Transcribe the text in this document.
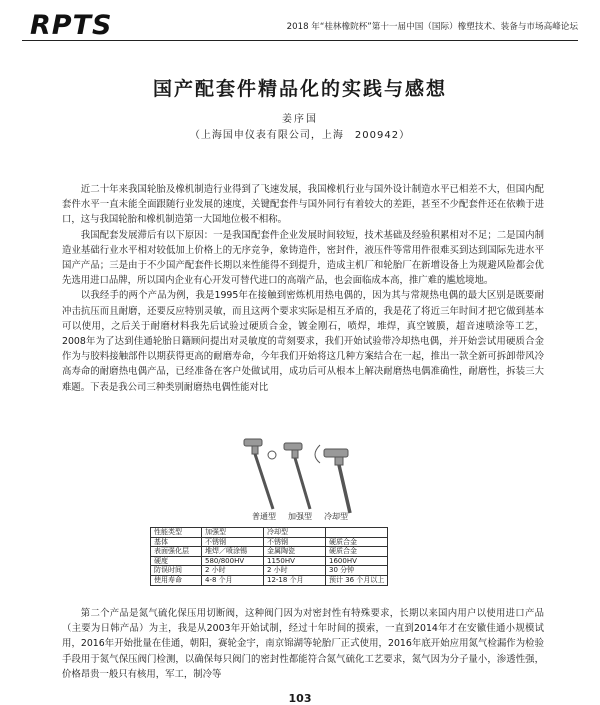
RPTS	2018 年“桂林橡院杯”第十一届中国（国际）橡塑技术、装备与市场高峰论坛
国产配套件精品化的实践与感想
姜序国
（上海国申仪表有限公司，上海　200942）

近二十年来我国轮胎及橡机制造行业得到了飞速发展，我国橡机行业与国外设计制造水平已相差不大，但国内配套件水平一直未能全面跟随行业发展的速度，关键配套件与国外同行有着较大的差距，甚至不少配套件还在依赖于进口，这与我国轮胎和橡机制造第一大国地位极不相称。

我国配套发展滞后有以下原因：一是我国配套件企业发展时间较短，技术基础及经验积累相对不足；二是国内制造业基础行业水平相对较低加上价格上的无序竞争，象铸造件，密封件，液压件等常用件很难买到达到国际先进水平国产产品；三是由于不少国产配套件长期以来性能得不到提升，造成主机厂和轮胎厂在新增设备上为规避风险都会优先选用进口品牌，所以国内企业有心开发可替代进口的高端产品，也会面临成本高，推广难的尴尬境地。

以我经手的两个产品为例，我是1995年在接触到密炼机用热电偶的，因为其与常规热电偶的最大区别是既要耐冲击抗压而且耐磨，还要反应特别灵敏，而且这两个要求实际是相互矛盾的，我是花了将近三年时间才把它做到基本可以使用，之后关于耐磨材料我先后试验过硬质合金，镀金刚石，喷焊，堆焊，真空镀膜，超音速喷涂等工艺，2008年为了达到佳通轮胎日籍顾问提出对灵敏度的苛刻要求，我们开始试验带冷却热电偶，并开始尝试用硬质合金作为与胶料接触部件以期获得更高的耐磨寿命，今年我们开始将这几种方案结合在一起，推出一款全新可拆卸带风冷高寿命的耐磨热电偶产品，已经准备在客户处做试用，成功后可从根本上解决耐磨热电偶准确性，耐磨性，拆装三大难题。下表是我公司三种类别耐磨热电偶性能对比

普通型 加强型 冷却型
性能类型	加强型	冷却型	
基体	不锈钢	不锈钢	硬质合金
表面强化层	堆焊／喷涂锡	金属陶瓷	硬质合金
硬度	580/800HV	1150HV	1600HV
防误时间	2 小时	2 小时	30 分钟
使用寿命	4-8 个月	12-18 个月	预计 36 个月以上

第二个产品是氮气硫化保压用切断阀，这种阀门因为对密封性有特殊要求，长期以来国内用户以使用进口产品（主要为日韩产品）为主，我是从2003年开始试制，经过十年时间的摸索，一直到2014年才在安徽佳通小规模试用，2016年开始批量在佳通，朝阳，赛轮金宇，南京锦湖等轮胎厂正式使用，2016年底开始应用氮气检漏作为检验手段用于氮气保压阀门检测，以确保每只阀门的密封性都能符合氮气硫化工艺要求，氮气因为分子量小，渗透性强，价格昂贵一般只有核用，军工，制冷等

103
